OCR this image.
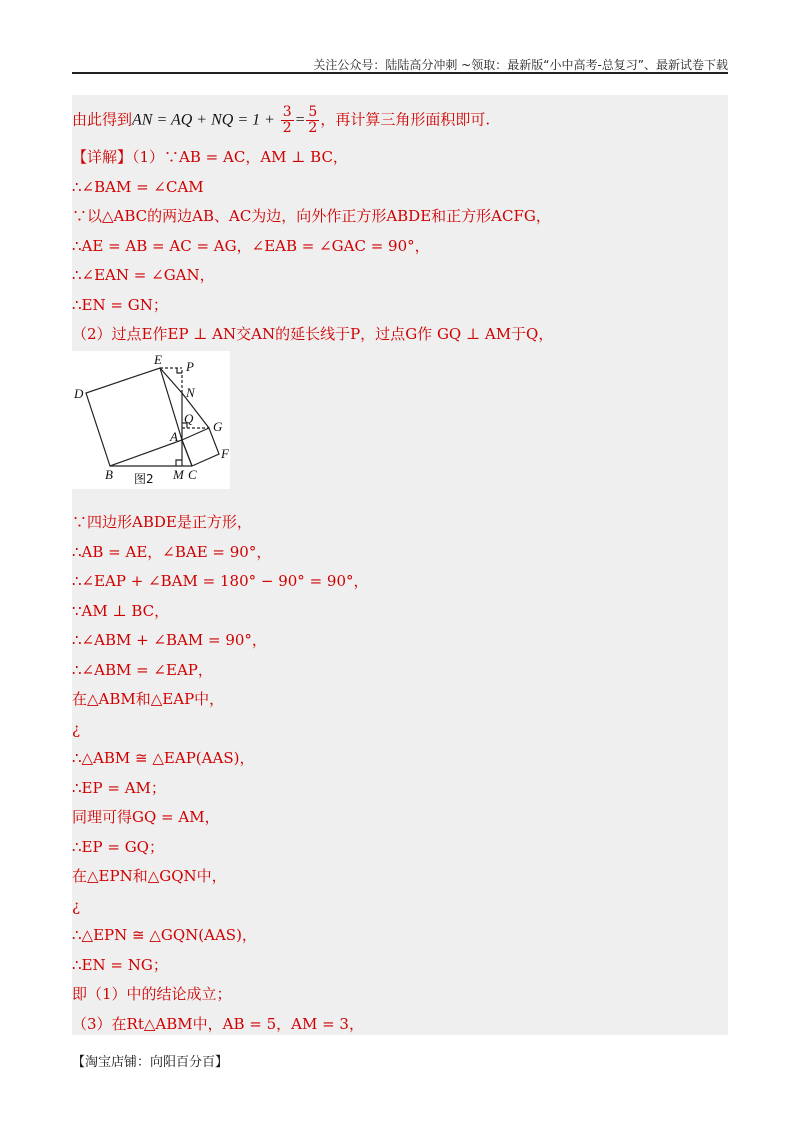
关注公众号：陆陆高分冲刺 ~领取：最新版“小中高考-总复习”、最新试卷下载
由此得到AN = AQ + NQ = $1 + \frac{3}{2} = \frac{5}{2}$ ，再计算三角形面积即可.
【详解】（1）∵AB = AC，AM ⊥ BC，
∴∠BAM = ∠CAM
∵以△ABC的两边AB、AC为边，向外作正方形ABDE和正方形ACFG，
∴AE = AB = AC = AG，∠EAB = ∠GAC = 90°，
∴∠EAN = ∠GAN，
∴EN = GN；
（2）过点E作EP ⊥ AN交AN的延长线于P，过点G作 GQ ⊥ AM于Q，
E P
N
D
Q
G
A
F
B	M C
图2
∵四边形ABDE是正方形，
∴AB = AE，∠BAE = 90°，
∴∠EAP + ∠BAM = 180° − 90° = 90°，
∵AM ⊥ BC，
∴∠ABM + ∠BAM = 90°，
∴∠ABM = ∠EAP，
在△ABM和△EAP中，
¿
∴△ABM ≅ △EAP(AAS)，
∴EP = AM；
同理可得GQ = AM，
∴EP = GQ；
在△EPN和△GQN中，
¿
∴△EPN ≅ △GQN(AAS)，
∴EN = NG；
即（1）中的结论成立；
（3）在Rt△ABM中，AB = 5，AM = 3，
【淘宝店铺：向阳百分百】
